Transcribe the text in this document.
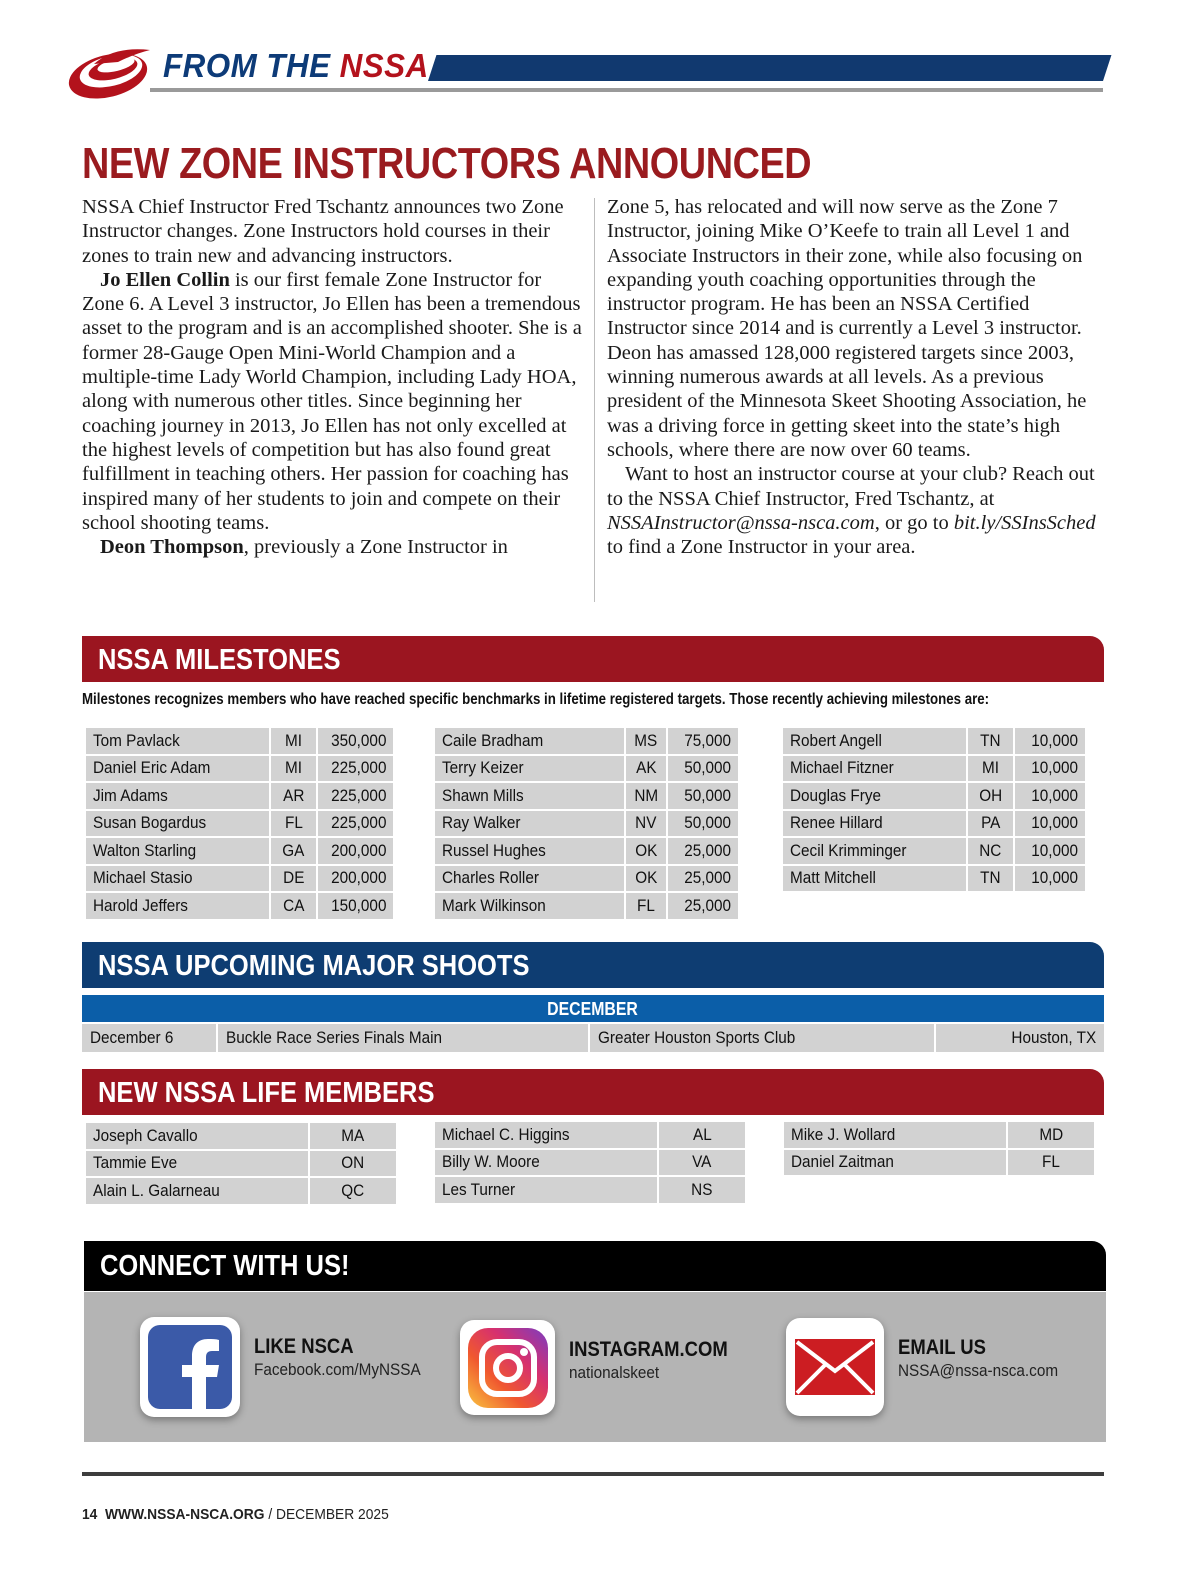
FROM THE NSSA
NEW ZONE INSTRUCTORS ANNOUNCED

NSSA Chief Instructor Fred Tschantz announces two Zone Instructor changes. Zone Instructors hold courses in their zones to train new and advancing instructors.

Jo Ellen Collin is our first female Zone Instructor for Zone 6. A Level 3 instructor, Jo Ellen has been a tremendous asset to the program and is an accomplished shooter. She is a former 28-Gauge Open Mini-World Champion and a multiple-time Lady World Champion, including Lady HOA, along with numerous other titles. Since beginning her coaching journey in 2013, Jo Ellen has not only excelled at the highest levels of competition but has also found great fulfillment in teaching others. Her passion for coaching has inspired many of her students to join and compete on their school shooting teams.

Deon Thompson, previously a Zone Instructor in

Zone 5, has relocated and will now serve as the Zone 7 Instructor, joining Mike O’Keefe to train all Level 1 and Associate Instructors in their zone, while also focusing on expanding youth coaching opportunities through the instructor program. He has been an NSSA Certified Instructor since 2014 and is currently a Level 3 instructor. Deon has amassed 128,000 registered targets since 2003, winning numerous awards at all levels. As a previous president of the Minnesota Skeet Shooting Association, he was a driving force in getting skeet into the state’s high schools, where there are now over 60 teams.

Want to host an instructor course at your club? Reach out to the NSSA Chief Instructor, Fred Tschantz, at NSSAInstructor@nssa-nsca.com, or go to bit.ly/SSInsSched to find a Zone Instructor in your area.

NSSA MILESTONES
Milestones recognizes members who have reached specific benchmarks in lifetime registered targets. Those recently achieving milestones are:
Tom Pavlack	MI	350,000
Daniel Eric Adam	MI	225,000
Jim Adams	AR	225,000
Susan Bogardus	FL	225,000
Walton Starling	GA	200,000
Michael Stasio	DE	200,000
Harold Jeffers	CA	150,000
Caile Bradham	MS	75,000
Terry Keizer	AK	50,000
Shawn Mills	NM	50,000
Ray Walker	NV	50,000
Russel Hughes	OK	25,000
Charles Roller	OK	25,000
Mark Wilkinson	FL	25,000
Robert Angell	TN	10,000
Michael Fitzner	MI	10,000
Douglas Frye	OH	10,000
Renee Hillard	PA	10,000
Cecil Krimminger	NC	10,000
Matt Mitchell	TN	10,000
NSSA UPCOMING MAJOR SHOOTS
DECEMBER
December 6	Buckle Race Series Finals Main	Greater Houston Sports Club	Houston, TX
NEW NSSA LIFE MEMBERS
Joseph Cavallo	MA
Tammie Eve	ON
Alain L. Galarneau	QC
Michael C. Higgins	AL
Billy W. Moore	VA
Les Turner	NS
Mike J. Wollard	MD
Daniel Zaitman	FL
CONNECT WITH US!
LIKE NSCA
Facebook.com/MyNSSA
INSTAGRAM.COM
nationalskeet
EMAIL US
NSSA@nssa-nsca.com
14 WWW.NSSA-NSCA.ORG / DECEMBER 2025
